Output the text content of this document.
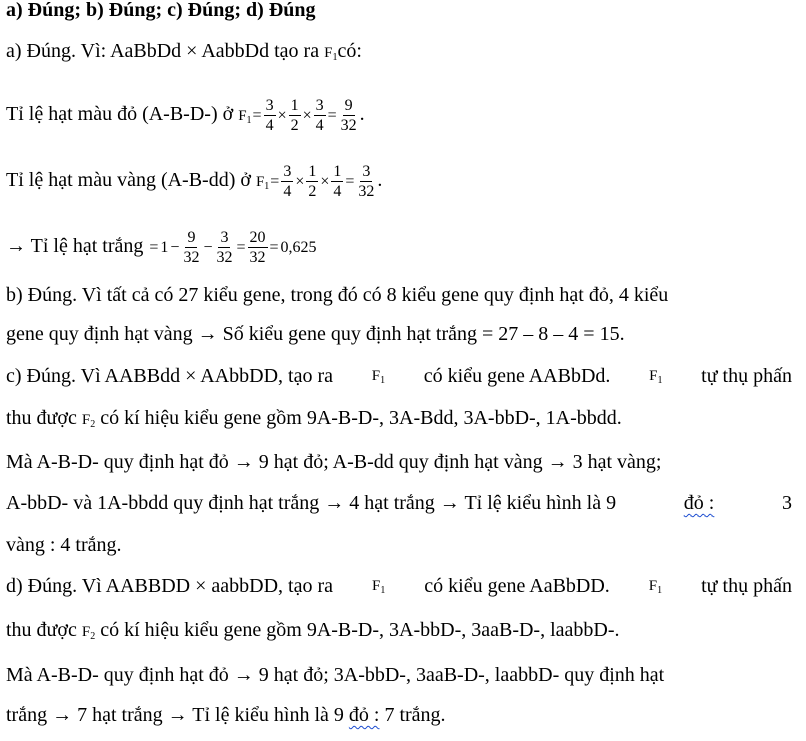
a) Đúng; b) Đúng; c) Đúng; d) Đúng
a) Đúng. Vì: AaBbDd × AabbDd tạo ra $F_1có$:
Tỉ lệ hạt màu đỏ (A-B-D-) ở $F_1= \frac{3}{4} \times \frac{1}{2} \times \frac{3}{4} = \frac{9}{32}$ .
Tỉ lệ hạt màu vàng (A-B-dd) ở $F_1= \frac{3}{4} \times \frac{1}{2} \times \frac{1}{4} = \frac{3}{32}$ .
→ Tỉ lệ hạt trắng = $1 - \frac{9}{32} - \frac{3}{32} = \frac{20}{32} = 0,625$
b) Đúng. Vì tất cả có 27 kiểu gene, trong đó có 8 kiểu gene quy định hạt đỏ, 4 kiểu
gene quy định hạt vàng → Số kiểu gene quy định hạt trắng = 27 – 8 – 4 = 15.
c) Đúng. Vì AABBdd × AAbbDD, tạo ra	$F_1$ có kiểu gene AABbDd.	$F_1$ tự thụ phấn
thu được $F_2$ có kí hiệu kiểu gene gồm 9A-B-D-, 3A-Bdd, 3A-bbD-, 1A-bbdd.
Mà A-B-D- quy định hạt đỏ → 9 hạt đỏ; A-B-dd quy định hạt vàng → 3 hạt vàng;
A-bbD- và 1A-bbdd quy định hạt trắng → 4 hạt trắng → Tỉ lệ kiểu hình là 9	đỏ :	3
vàng : 4 trắng.
d) Đúng. Vì AABBDD × aabbDD, tạo ra	$F_1$ có kiểu gene AaBbDD.	$F_1$ tự thụ phấn
thu được $F_2$ có kí hiệu kiểu gene gồm 9A-B-D-, 3A-bbD-, 3aaB-D-, laabbD-.
Mà A-B-D- quy định hạt đỏ → 9 hạt đỏ; 3A-bbD-, 3aaB-D-, laabbD- quy định hạt
trắng → 7 hạt trắng → Tỉ lệ kiểu hình là 9 đỏ : 7 trắng.
